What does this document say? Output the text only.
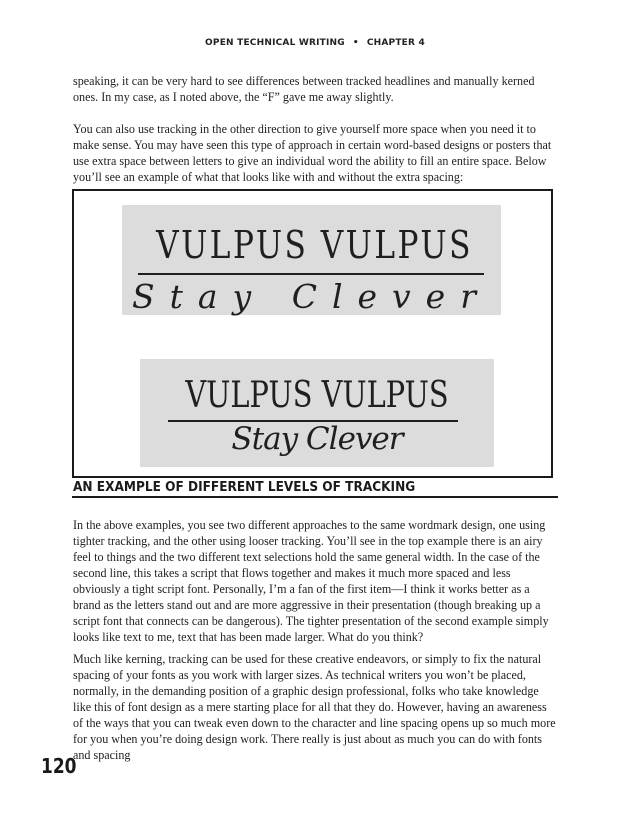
OPEN TECHNICAL WRITING • CHAPTER 4

speaking, it can be very hard to see differences between tracked headlines and manually kerned ones. In my case, as I noted above, the “F” gave me away slightly.

You can also use tracking in the other direction to give yourself more space when you need it to make sense. You may have seen this type of approach in certain word-based designs or posters that use extra space between letters to give an individual word the ability to fill an entire space. Below you’ll see an example of what that looks like with and without the extra spacing:

VULPUS VULPUS
Stay Clever
VULPUS VULPUS
Stay Clever
AN EXAMPLE OF DIFFERENT LEVELS OF TRACKING

In the above examples, you see two different approaches to the same wordmark design, one using tighter tracking, and the other using looser tracking. You’ll see in the top example there is an airy feel to things and the two different text selections hold the same general width. In the case of the second line, this takes a script that flows together and makes it much more spaced and less obviously a tight script font. Personally, I’m a fan of the first item—I think it works better as a brand as the letters stand out and are more aggressive in their presentation (though breaking up a script font that connects can be dangerous). The tighter presentation of the second example simply looks like text to me, text that has been made larger. What do you think?

Much like kerning, tracking can be used for these creative endeavors, or simply to fix the natural spacing of your fonts as you work with larger sizes. As technical writers you won’t be placed, normally, in the demanding position of a graphic design professional, folks who take knowledge like this of font design as a mere starting place for all that they do. However, having an awareness of the ways that you can tweak even down to the character and line spacing opens up so much more for you when you’re doing design work. There really is just about as much you can do with fonts and spacing

120
